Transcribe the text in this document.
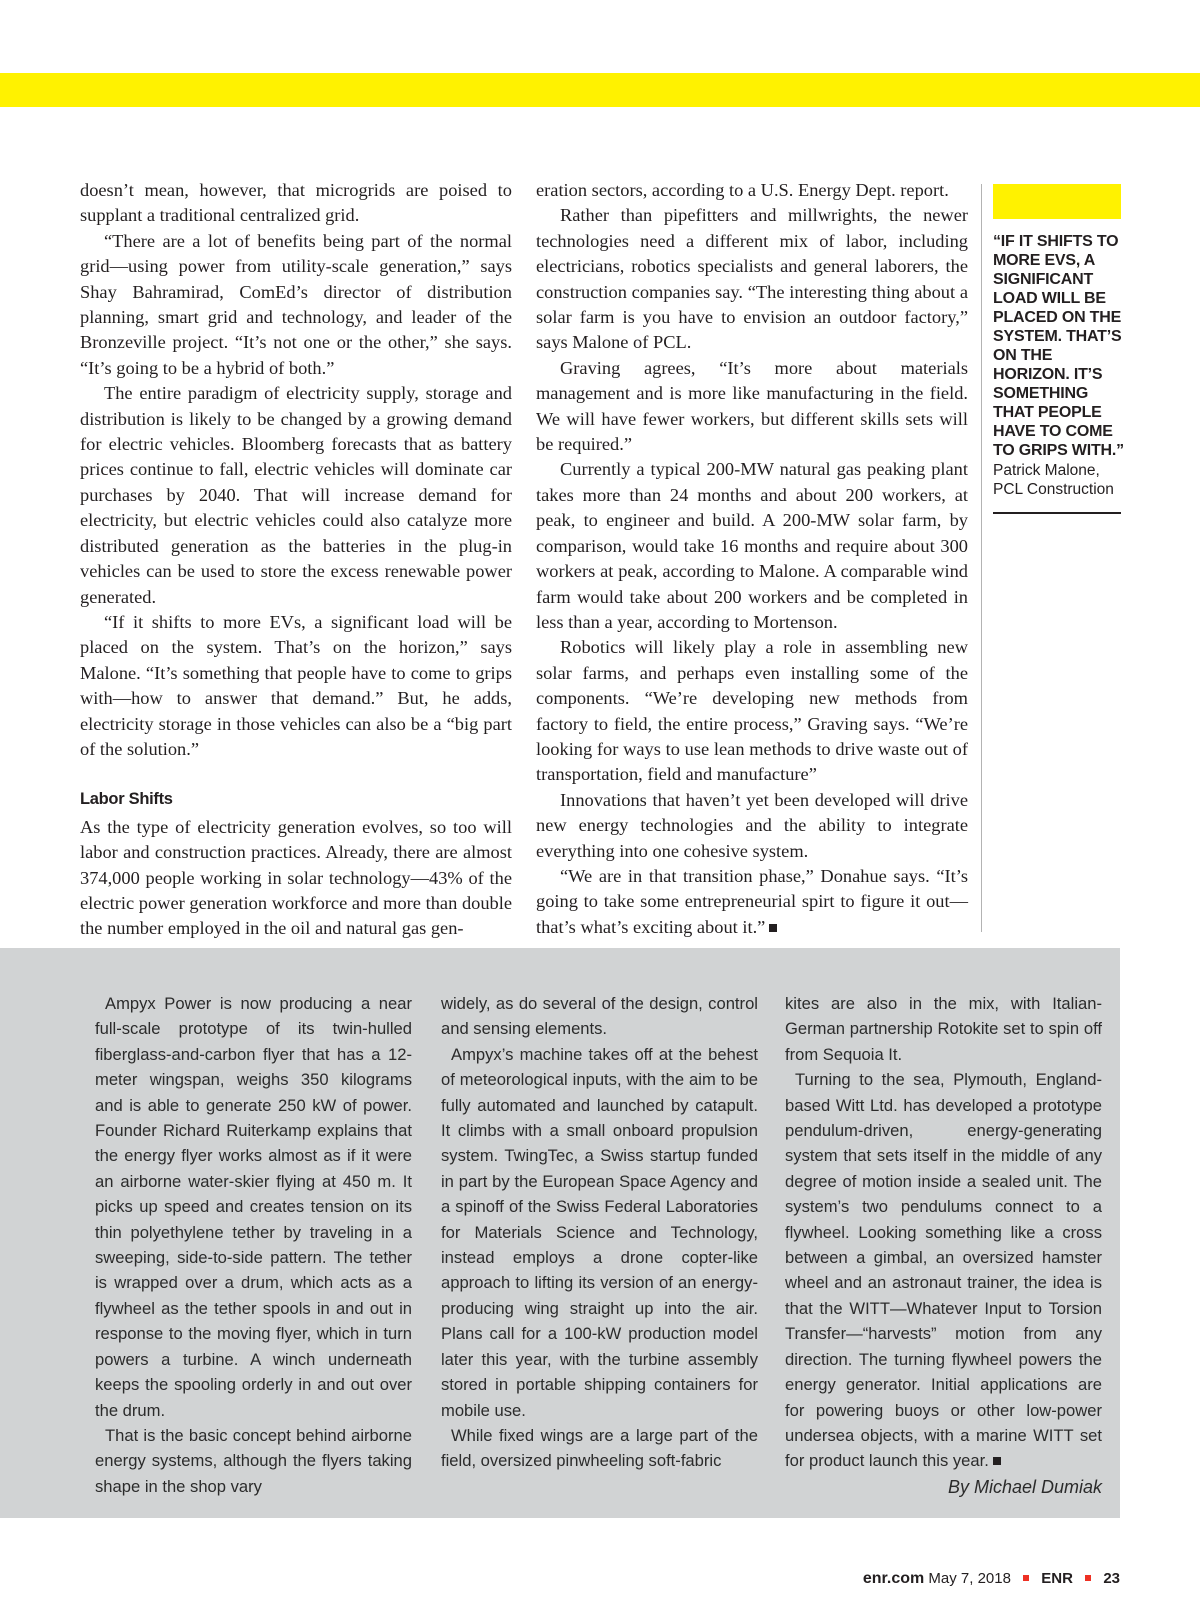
doesn’t mean, however, that microgrids are poised to supplant a traditional centralized grid.

“There are a lot of benefits being part of the normal grid—using power from utility-scale generation,” says Shay Bahramirad, ComEd’s director of distribution planning, smart grid and technology, and leader of the Bronzeville project. “It’s not one or the other,” she says. “It’s going to be a hybrid of both.”

The entire paradigm of electricity supply, storage and distribution is likely to be changed by a growing demand for electric vehicles. Bloomberg forecasts that as battery prices continue to fall, electric vehicles will dominate car purchases by 2040. That will increase demand for electricity, but electric vehicles could also catalyze more distributed generation as the batteries in the plug-in vehicles can be used to store the excess renewable power generated.

“If it shifts to more EVs, a significant load will be placed on the system. That’s on the horizon,” says Malone. “It’s something that people have to come to grips with—how to answer that demand.” But, he adds, electricity storage in those vehicles can also be a “big part of the solution.”

Labor Shifts

As the type of electricity generation evolves, so too will labor and construction practices. Already, there are almost 374,000 people working in solar technology—43% of the electric power generation workforce and more than double the number employed in the oil and natural gas gen-

eration sectors, according to a U.S. Energy Dept. report.

Rather than pipefitters and millwrights, the newer technologies need a different mix of labor, including electricians, robotics specialists and general laborers, the construction companies say. “The interesting thing about a solar farm is you have to envision an outdoor factory,” says Malone of PCL.

Graving agrees, “It’s more about materials management and is more like manufacturing in the field. We will have fewer workers, but different skills sets will be required.”

Currently a typical 200-MW natural gas peaking plant takes more than 24 months and about 200 workers, at peak, to engineer and build. A 200-MW solar farm, by comparison, would take 16 months and require about 300 workers at peak, according to Malone. A comparable wind farm would take about 200 workers and be completed in less than a year, according to Mortenson.

Robotics will likely play a role in assembling new solar farms, and perhaps even installing some of the components. “We’re developing new methods from factory to field, the entire process,” Graving says. “We’re looking for ways to use lean methods to drive waste out of transportation, field and manufacture”

Innovations that haven’t yet been developed will drive new energy technologies and the ability to integrate everything into one cohesive system.

“We are in that transition phase,” Donahue says. “It’s going to take some entrepreneurial spirt to figure it out—that’s what’s exciting about it.”

“IF IT SHIFTS TO MORE EVS, A SIGNIFICANT LOAD WILL BE PLACED ON THE SYSTEM. THAT’S ON THE HORIZON. IT’S SOMETHING THAT PEOPLE HAVE TO COME TO GRIPS WITH.”
Patrick Malone,
PCL Construction

Ampyx Power is now producing a near full-scale prototype of its twin-hulled fiberglass-and-carbon flyer that has a 12-meter wingspan, weighs 350 kilograms and is able to generate 250 kW of power. Founder Richard Ruiterkamp explains that the energy flyer works almost as if it were an airborne water-skier flying at 450 m. It picks up speed and creates tension on its thin polyethylene tether by traveling in a sweeping, side-to-side pattern. The tether is wrapped over a drum, which acts as a flywheel as the tether spools in and out in response to the moving flyer, which in turn powers a turbine. A winch underneath keeps the spooling orderly in and out over the drum.

That is the basic concept behind airborne energy systems, although the flyers taking shape in the shop vary

widely, as do several of the design, control and sensing elements.

Ampyx’s machine takes off at the behest of meteorological inputs, with the aim to be fully automated and launched by catapult. It climbs with a small onboard propulsion system. TwingTec, a Swiss startup funded in part by the European Space Agency and a spinoff of the Swiss Federal Laboratories for Materials Science and Technology, instead employs a drone copter-like approach to lifting its version of an energy-producing wing straight up into the air. Plans call for a 100-kW production model later this year, with the turbine assembly stored in portable shipping containers for mobile use.

While fixed wings are a large part of the field, oversized pinwheeling soft-fabric

kites are also in the mix, with Italian-German partnership Rotokite set to spin off from Sequoia It.

Turning to the sea, Plymouth, England-based Witt Ltd. has developed a prototype pendulum-driven, energy-generating system that sets itself in the middle of any degree of motion inside a sealed unit. The system’s two pendulums connect to a flywheel. Looking something like a cross between a gimbal, an oversized hamster wheel and an astronaut trainer, the idea is that the WITT—Whatever Input to Torsion Transfer—“harvests” motion from any direction. The turning flywheel powers the energy generator. Initial applications are for powering buoys or other low-power undersea objects, with a marine WITT set for product launch this year.

By Michael Dumiak

enr.com May 7, 2018 ENR 23
